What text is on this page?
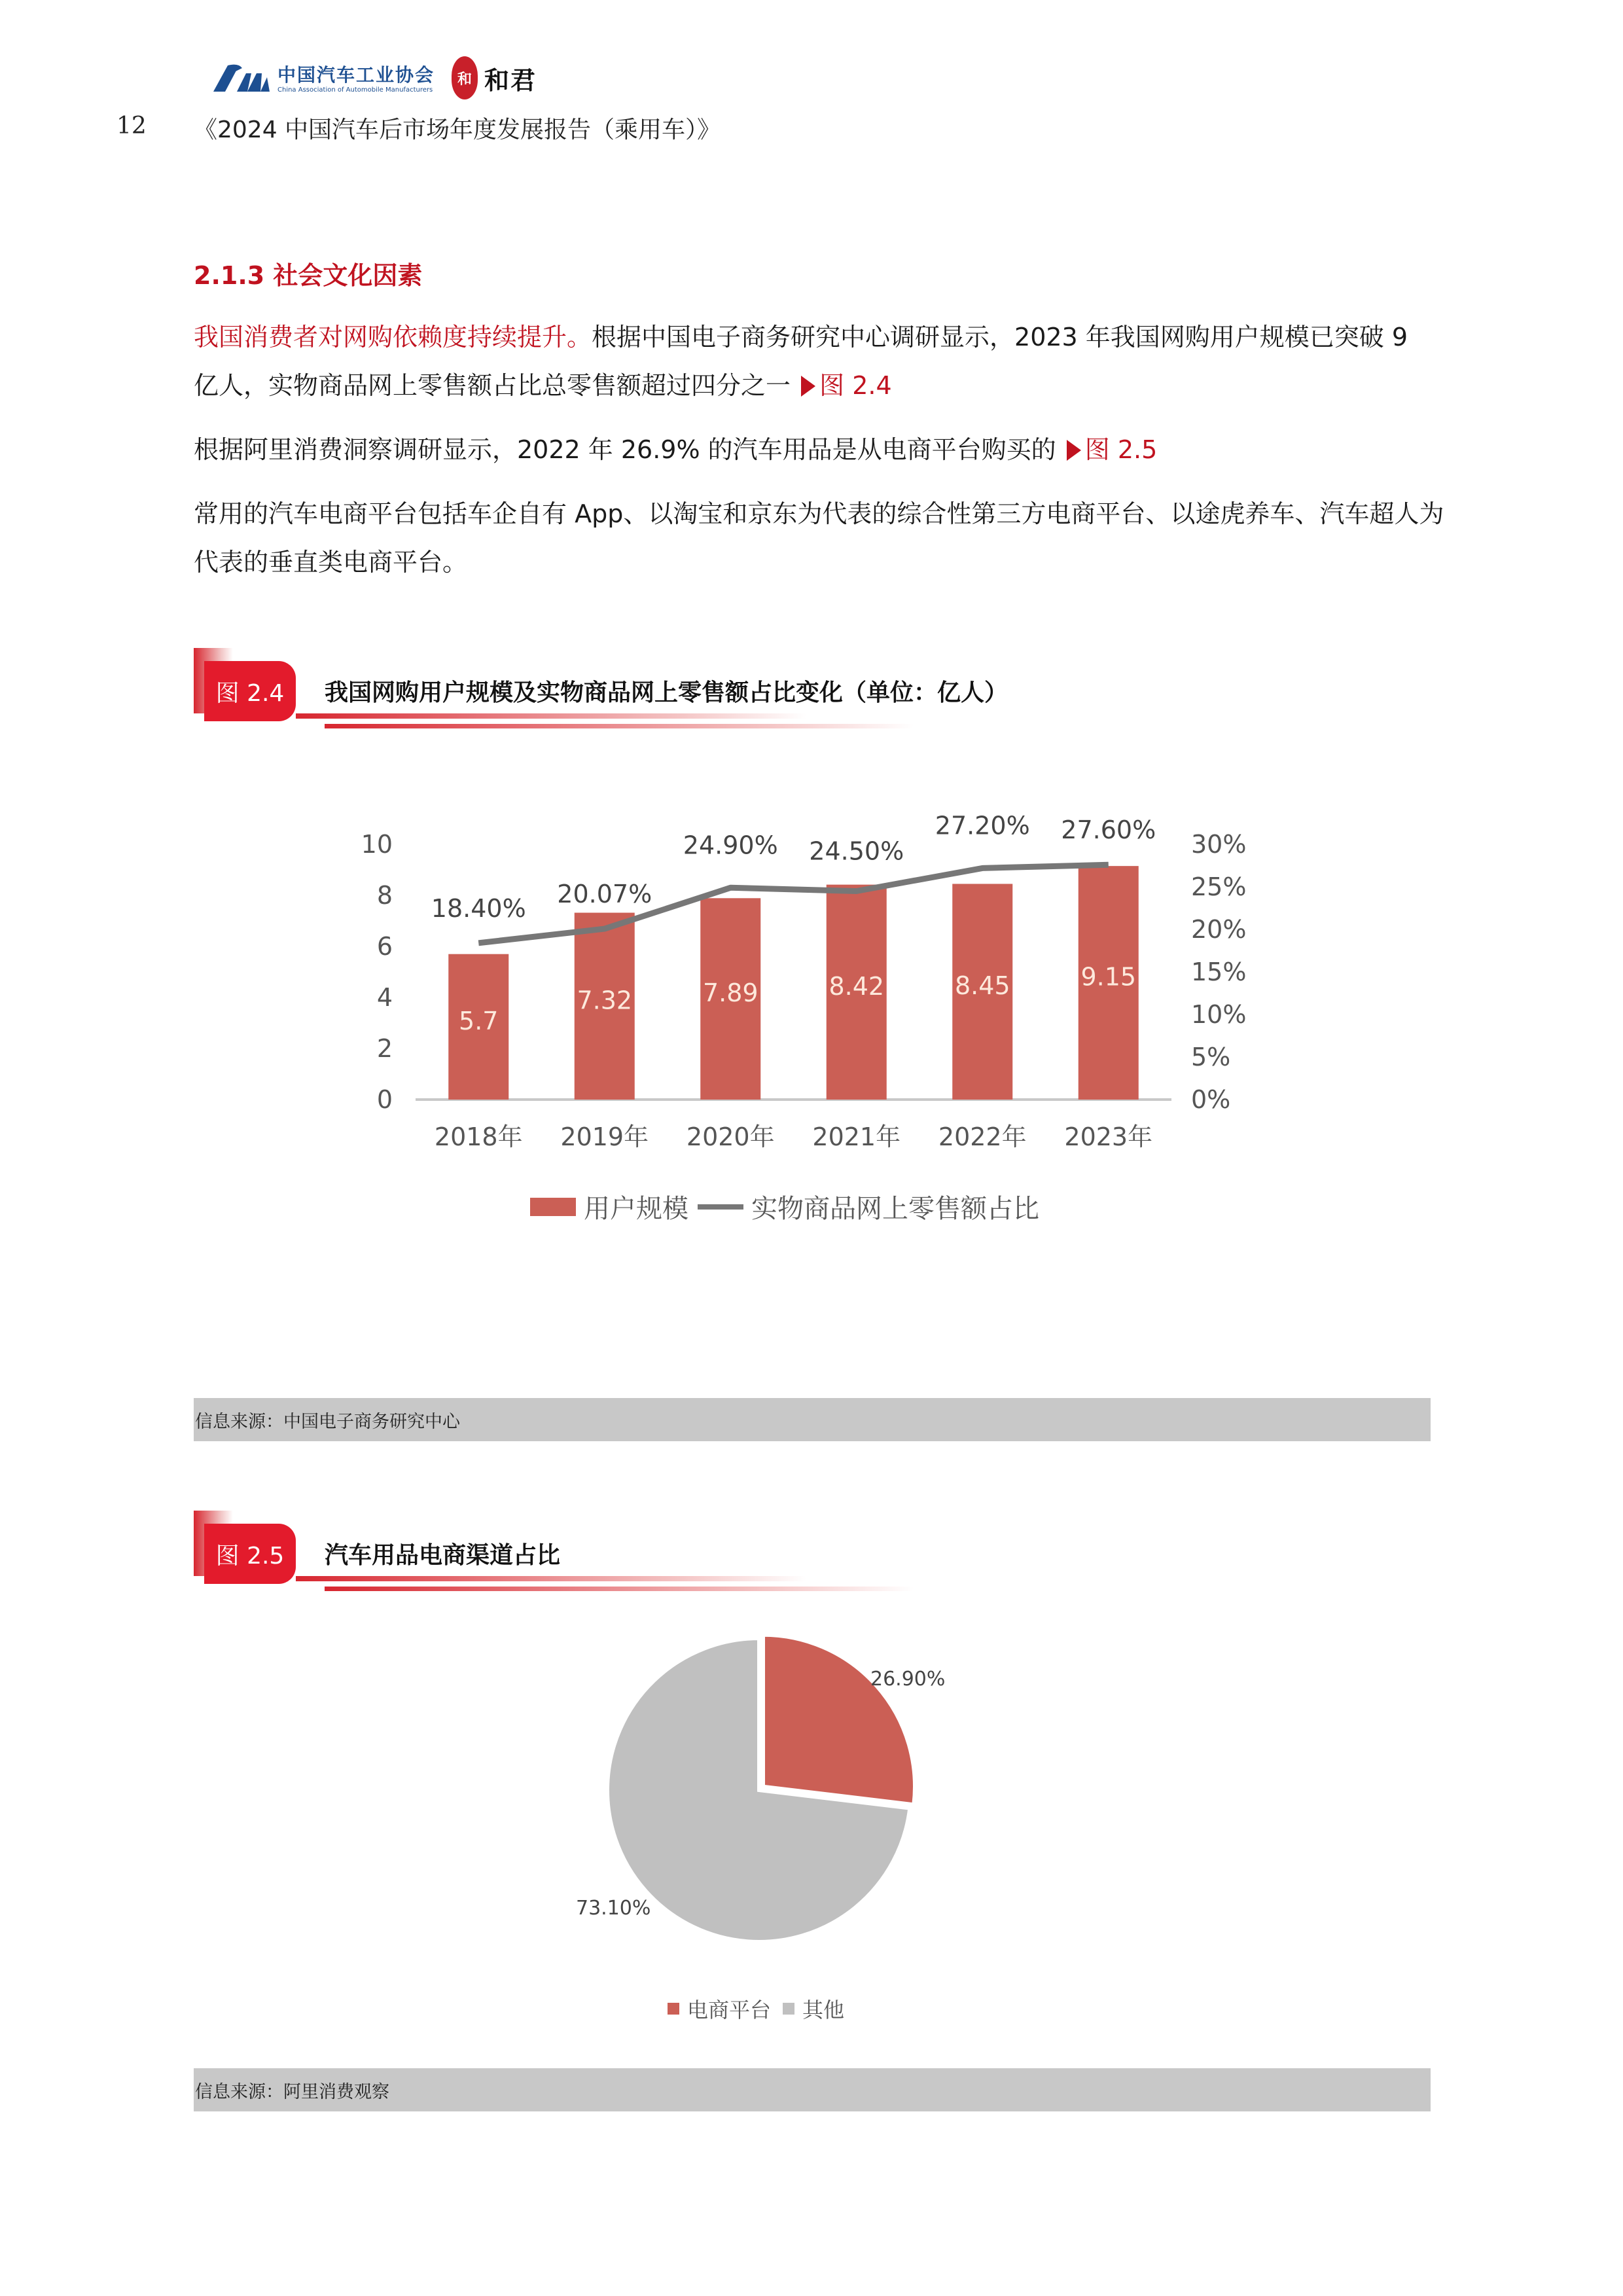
中国汽车工业协会
China Association of Automobile Manufacturers
和 和君
12 《2024 中国汽车后市场年度发展报告（乘用车）》
2.1.3 社会文化因素
我国消费者对网购依赖度持续提升。根据中国电子商务研究中心调研显示，2023 年我国网购用户规模已突破 9 亿人，实物商品网上零售额占比总零售额超过四分之一 图 2.4
根据阿里消费洞察调研显示，2022 年 26.9% 的汽车用品是从电商平台购买的 图 2.5
常用的汽车电商平台包括车企自有 App、以淘宝和京东为代表的综合性第三方电商平台、以途虎养车、汽车超人为代表的垂直类电商平台。
图 2.4	我国网购用户规模及实物商品网上零售额占比变化（单位：亿人）
0
2
4
6
8
10
0%
5%
10%
15%
20%
25%
30%
5.7
2018年
7.32
2019年
7.89
2020年
8.42
2021年
8.45
2022年
9.15
2023年
18.40% 20.07%
24.90% 24.50%
27.20% 27.60%
用户规模 实物商品网上零售额占比
信息来源：中国电子商务研究中心
图 2.5	汽车用品电商渠道占比
26.90%
73.10%
电商平台 其他
信息来源：阿里消费观察
